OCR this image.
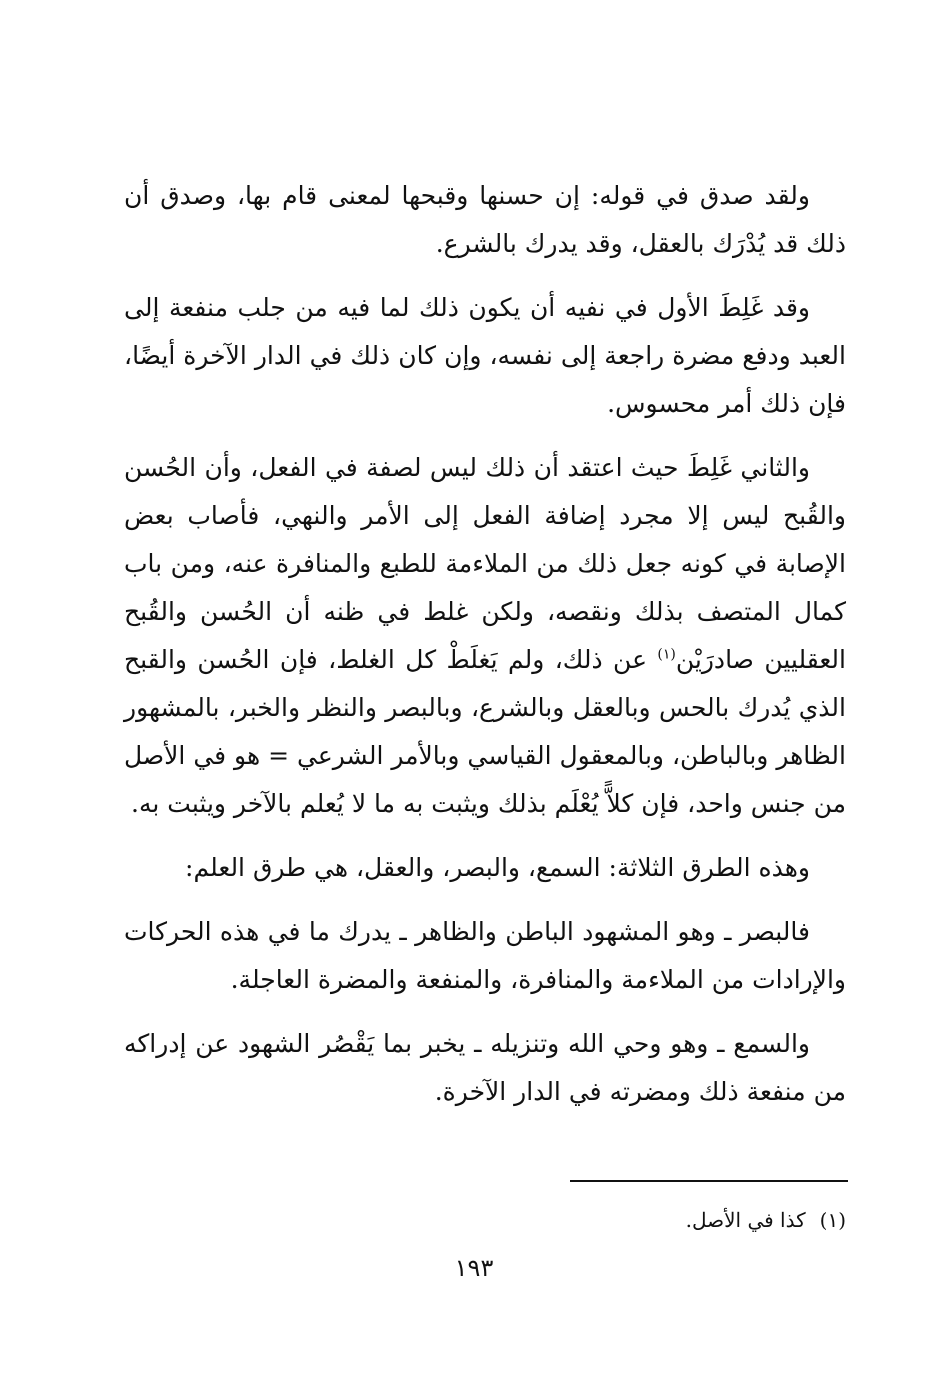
ولقد صدق في قوله: إن حسنها وقبحها لمعنى قام بها، وصدق أن ذلك قد يُدْرَك بالعقل، وقد يدرك بالشرع.

وقد غَلِطَ الأول في نفيه أن يكون ذلك لما فيه من جلب منفعة إلى العبد ودفع مضرة راجعة إلى نفسه، وإن كان ذلك في الدار الآخرة أيضًا، فإن ذلك أمر محسوس.

والثاني غَلِطَ حيث اعتقد أن ذلك ليس لصفة في الفعل، وأن الحُسن والقُبح ليس إلا مجرد إضافة الفعل إلى الأمر والنهي، فأصاب بعض الإصابة في كونه جعل ذلك من الملاءمة للطبع والمنافرة عنه، ومن باب كمال المتصف بذلك ونقصه، ولكن غلط في ظنه أن الحُسن والقُبح العقليين صادرَيْن$^{(١)}$ عن ذلك، ولم يَغلَطْ كل الغلط، فإن الحُسن والقبح الذي يُدرك بالحس وبالعقل وبالشرع، وبالبصر والنظر والخبر، بالمشهور الظاهر وبالباطن، وبالمعقول القياسي وبالأمر الشرعي = هو في الأصل من جنس واحد، فإن كلاًّ يُعْلَم بذلك ويثبت به ما لا يُعلم بالآخر ويثبت به.

وهذه الطرق الثلاثة: السمع، والبصر، والعقل، هي طرق العلم:

فالبصر ـ وهو المشهود الباطن والظاهر ـ يدرك ما في هذه الحركات والإرادات من الملاءمة والمنافرة، والمنفعة والمضرة العاجلة.

والسمع ـ وهو وحي الله وتنزيله ـ يخبر بما يَقْصُر الشهود عن إدراكه من منفعة ذلك ومضرته في الدار الآخرة.

(١)كذا في الأصل.
١٩٣
